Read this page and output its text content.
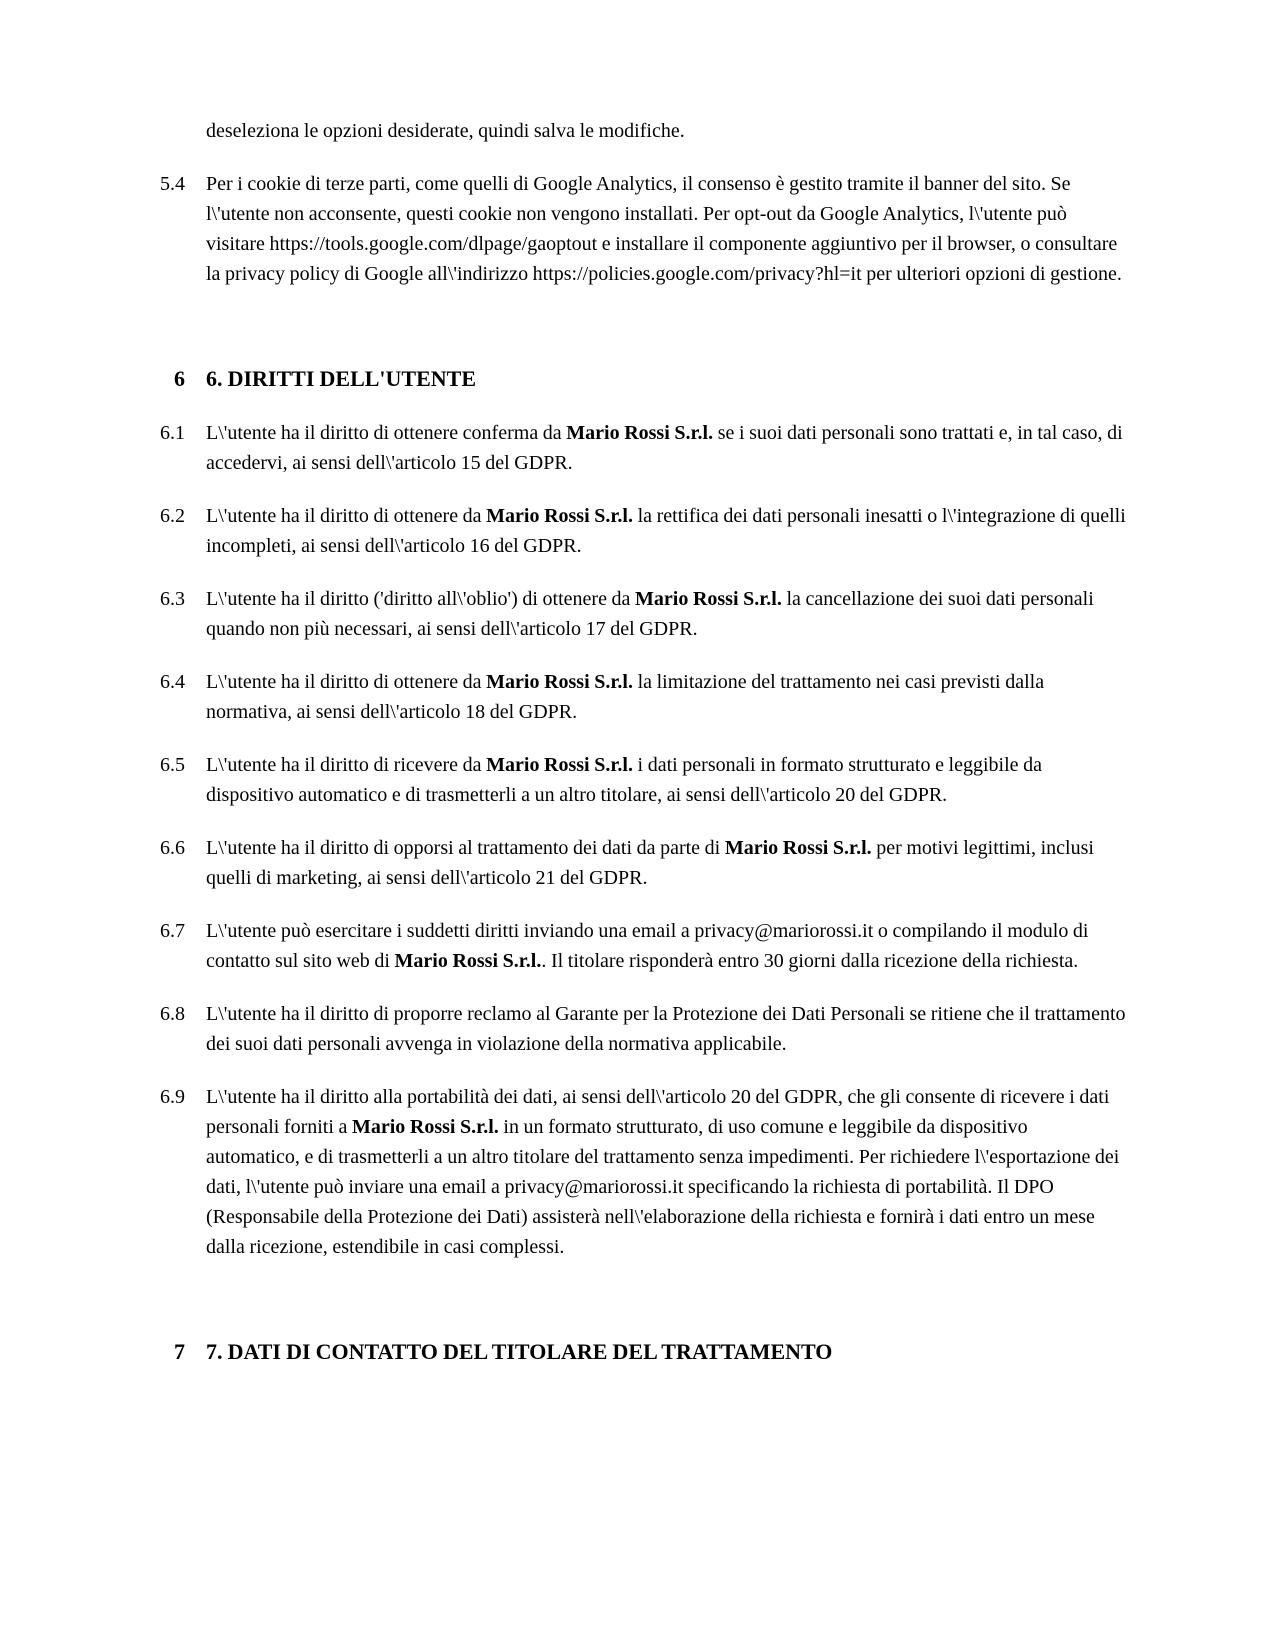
deseleziona le opzioni desiderate, quindi salva le modifiche.
5.4 Per i cookie di terze parti, come quelli di Google Analytics, il consenso è gestito tramite il banner del sito. Se l\'utente non acconsente, questi cookie non vengono installati. Per opt-out da Google Analytics, l\'utente può visitare https://tools.google.com/dlpage/gaoptout e installare il componente aggiuntivo per il browser, o consultare la privacy policy di Google all\'indirizzo https://policies.google.com/privacy?hl=it per ulteriori opzioni di gestione.
6 6. DIRITTI DELL'UTENTE
6.1 L\'utente ha il diritto di ottenere conferma da Mario Rossi S.r.l. se i suoi dati personali sono trattati e, in tal caso, di accedervi, ai sensi dell\'articolo 15 del GDPR.
6.2 L\'utente ha il diritto di ottenere da Mario Rossi S.r.l. la rettifica dei dati personali inesatti o l\'integrazione di quelli incompleti, ai sensi dell\'articolo 16 del GDPR.
6.3 L\'utente ha il diritto ('diritto all\'oblio') di ottenere da Mario Rossi S.r.l. la cancellazione dei suoi dati personali quando non più necessari, ai sensi dell\'articolo 17 del GDPR.
6.4 L\'utente ha il diritto di ottenere da Mario Rossi S.r.l. la limitazione del trattamento nei casi previsti dalla normativa, ai sensi dell\'articolo 18 del GDPR.
6.5 L\'utente ha il diritto di ricevere da Mario Rossi S.r.l. i dati personali in formato strutturato e leggibile da dispositivo automatico e di trasmetterli a un altro titolare, ai sensi dell\'articolo 20 del GDPR.
6.6 L\'utente ha il diritto di opporsi al trattamento dei dati da parte di Mario Rossi S.r.l. per motivi legittimi, inclusi quelli di marketing, ai sensi dell\'articolo 21 del GDPR.
6.7 L\'utente può esercitare i suddetti diritti inviando una email a privacy@mariorossi.it o compilando il modulo di contatto sul sito web di Mario Rossi S.r.l.. Il titolare risponderà entro 30 giorni dalla ricezione della richiesta.
6.8 L\'utente ha il diritto di proporre reclamo al Garante per la Protezione dei Dati Personali se ritiene che il trattamento dei suoi dati personali avvenga in violazione della normativa applicabile.
6.9 L\'utente ha il diritto alla portabilità dei dati, ai sensi dell\'articolo 20 del GDPR, che gli consente di ricevere i dati personali forniti a Mario Rossi S.r.l. in un formato strutturato, di uso comune e leggibile da dispositivo automatico, e di trasmetterli a un altro titolare del trattamento senza impedimenti. Per richiedere l\'esportazione dei dati, l\'utente può inviare una email a privacy@mariorossi.it specificando la richiesta di portabilità. Il DPO (Responsabile della Protezione dei Dati) assisterà nell\'elaborazione della richiesta e fornirà i dati entro un mese dalla ricezione, estendibile in casi complessi.
7 7. DATI DI CONTATTO DEL TITOLARE DEL TRATTAMENTO
